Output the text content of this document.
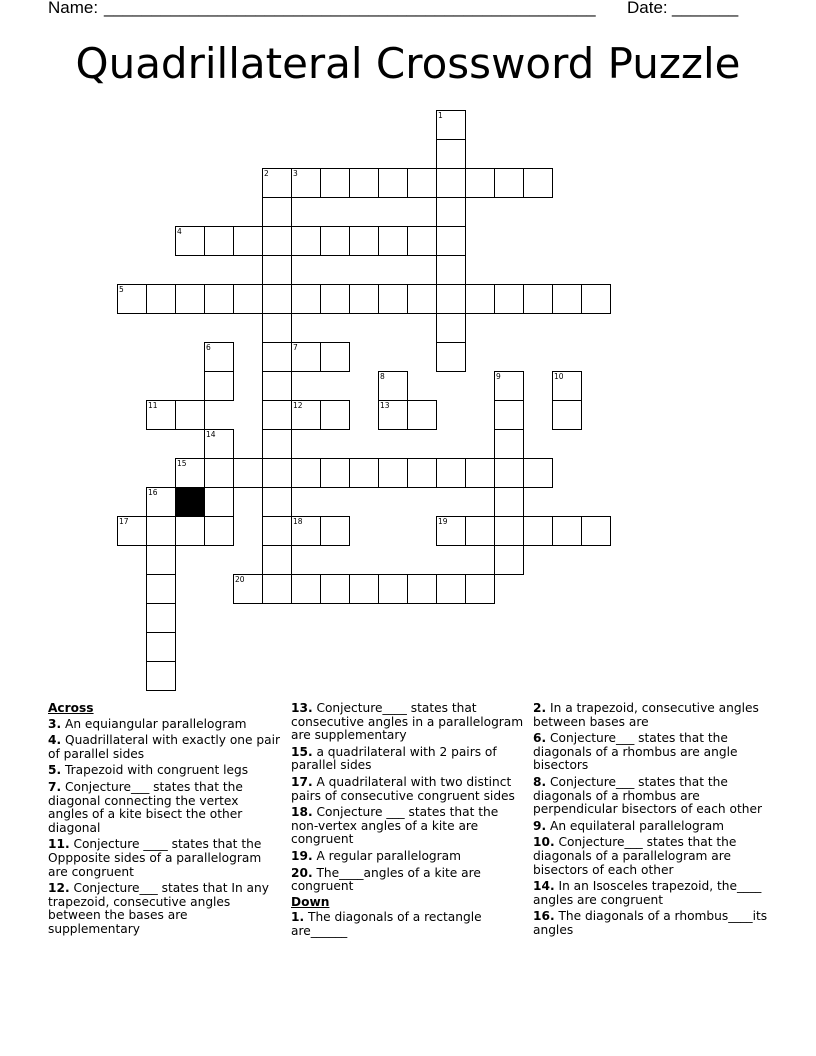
Name: ____________________________________________________ Date: _______
Quadrillateral Crossword Puzzle
3
4
5
7
11	12	13
15
17	18	19
20
1
2
6
8	9	10
14
16
Across

3. An equiangular parallelogram

4. Quadrillateral with exactly one pair of parallel sides

5. Trapezoid with congruent legs

7. Conjecture___ states that the diagonal connecting the vertex angles of a kite bisect the other diagonal

11. Conjecture ____ states that the Oppposite sides of a parallelogram are congruent

12. Conjecture___ states that In any trapezoid, consecutive angles between the bases are supplementary

13. Conjecture____ states that consecutive angles in a parallelogram are supplementary

15. a quadrilateral with 2 pairs of parallel sides

17. A quadrilateral with two distinct pairs of consecutive congruent sides

18. Conjecture ___ states that the non-vertex angles of a kite are congruent

19. A regular parallelogram

20. The____angles of a kite are congruent

Down

1. The diagonals of a rectangle are______

2. In a trapezoid, consecutive angles between bases are

6. Conjecture___ states that the diagonals of a rhombus are angle bisectors

8. Conjecture___ states that the diagonals of a rhombus are perpendicular bisectors of each other

9. An equilateral parallelogram

10. Conjecture___ states that the diagonals of a parallelogram are bisectors of each other

14. In an Isosceles trapezoid, the____ angles are congruent

16. The diagonals of a rhombus____its angles
